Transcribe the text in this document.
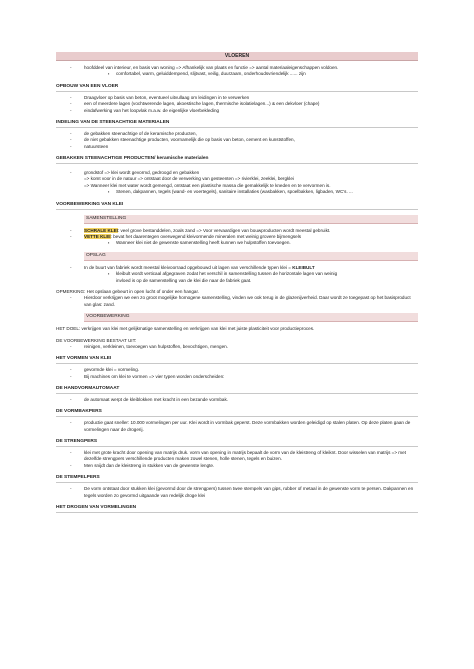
VLOEREN
- hoofddeel van interieur, en basis van woning => Afhankelijk van plaats en functie => aantal materiaaleigenschappen voldoen.
▪ comfortabel, warm, geluiddempend, slijtvast, veilig, duurzaam, onderhoudsvriendelijk ...... zijn
OPBOUW VAN EEN VLOER
- Draagvloer op basis van beton, eventueel uitvullaag om leidingen in te verwerken
- een of meerdere lagen (vochtwerende lagen, akoestische lagen, thermische isolatielagen...) & een dekvloer (chape)
- eindafwerking van het loopvlak m.a.w. de eigenlijke vloerbekleding
INDELING VAN DE STEENACHTIGE MATERIALEN
- de gebakken steenachtige of de keramische producten,
- de niet gebakken steenachtige producten, voornamelijk die op basis van beton, cement en kunststoffen,
- natuursteen
GEBAKKEN STEENACHTIGE PRODUCTEN/ keramische materialen
- grondstof => klei wordt gevormd, gedroogd en gebakken
=> komt voor in de natuur => ontstaat door de verwerking van gesteenten => rivierklei, zeeklei, bergklei
=> Wanneer klei met water wordt gemengd, ontstaat een plastische massa die gemakkelijk te kneden en te vervormen is.
▪ Stenen, dakpannen, tegels (wand- en voertegels), sanitaire installaties (wasbakken, spoelbakken, ligbaden, WC's. ...
VOORBEWERKING VAN KLEI
SAMENSTELLING
- SCHRALE KLEI: veel grove bestanddelen, zoals zand => Voor vervaardigen van bouwproducten wordt meestal gebruikt.
- VETTE KLEI: bevat het daarentegen overwegend kleivormende mineralen met weinig grovere bijmengsels
▪ Wanneer klei niet de gewenste samenstelling heeft kunnen we hulpstoffen toevoegen.
OPSLAG
- In de buurt van fabriek wordt meestal kleivoorraad opgebouwd uit lagen van verschillende typen klei = KLEIBULT
▪ kleibult wordt verticaal afgegraven zodat het verschil in samenstelling tussen de horizontale lagen van weinig
invloed is op de samenstelling van de klei die naar de fabriek gaat.
OPMERKING: Het opslaan gebeurt in open lucht of onder een hangar.
- Hierdoor verkrijgen we een zo groot mogelijke homogene samenstelling, vinden we ook terug in de glazenijverheid. Daar wordt ze toegepast op het basisproduct van glas: zand.
VOORBEWERKING
HET DOEL: verkrijgen van klei met gelijkmatige samenstelling en verkrijgen van klei met juiste plasticiteit voor productieproces.
DE VOORBEWERKING BESTAAT UIT:
- reinigen, verkleinen, toevoegen van hulpstoffen, bevochtigen, mengen.
HET VORMEN VAN KLEI
- gevormde klei = vormeling.
- Bij machines om klei te vormen => vier typen worden onderscheiden:
DE HANDVORMAUTOMAAT
- de automaat werpt de kleiblokken met kracht in een bezande vormbak.
DE VORMBAKPERS
- productie gaat sneller: 10.000 vormelingen per uur. Klei wordt in vormbak geperst. Deze vormbakken worden geleidigd op stalen platen. Op deze platen gaan de vormelingen naar de drogerij.
DE STRENGPERS
- klei met grote kracht door opening van matrijs druk. vorm van opening in matrijs bepaalt de vorm van de kleistreng of kleiknt. Door wisselen van matrijs => met dezelfde strengpers verschillende producten maken zowel stenen, holle stenen, tegels en buizen.
- Men snijdt dan de kleistreng in stukken van de gewenste lengte.
DE STEMPELPERS
- De vorm ontstaat door stukken klei (gevormd door de strengpers) tussen twee stempels van gips, rubber of metaal in de gewenste vorm te persen. Dakpannen en tegels worden zo gevormd uitgaande van redelijk droge klei
HET DROGEN VAN VORMELINGEN
